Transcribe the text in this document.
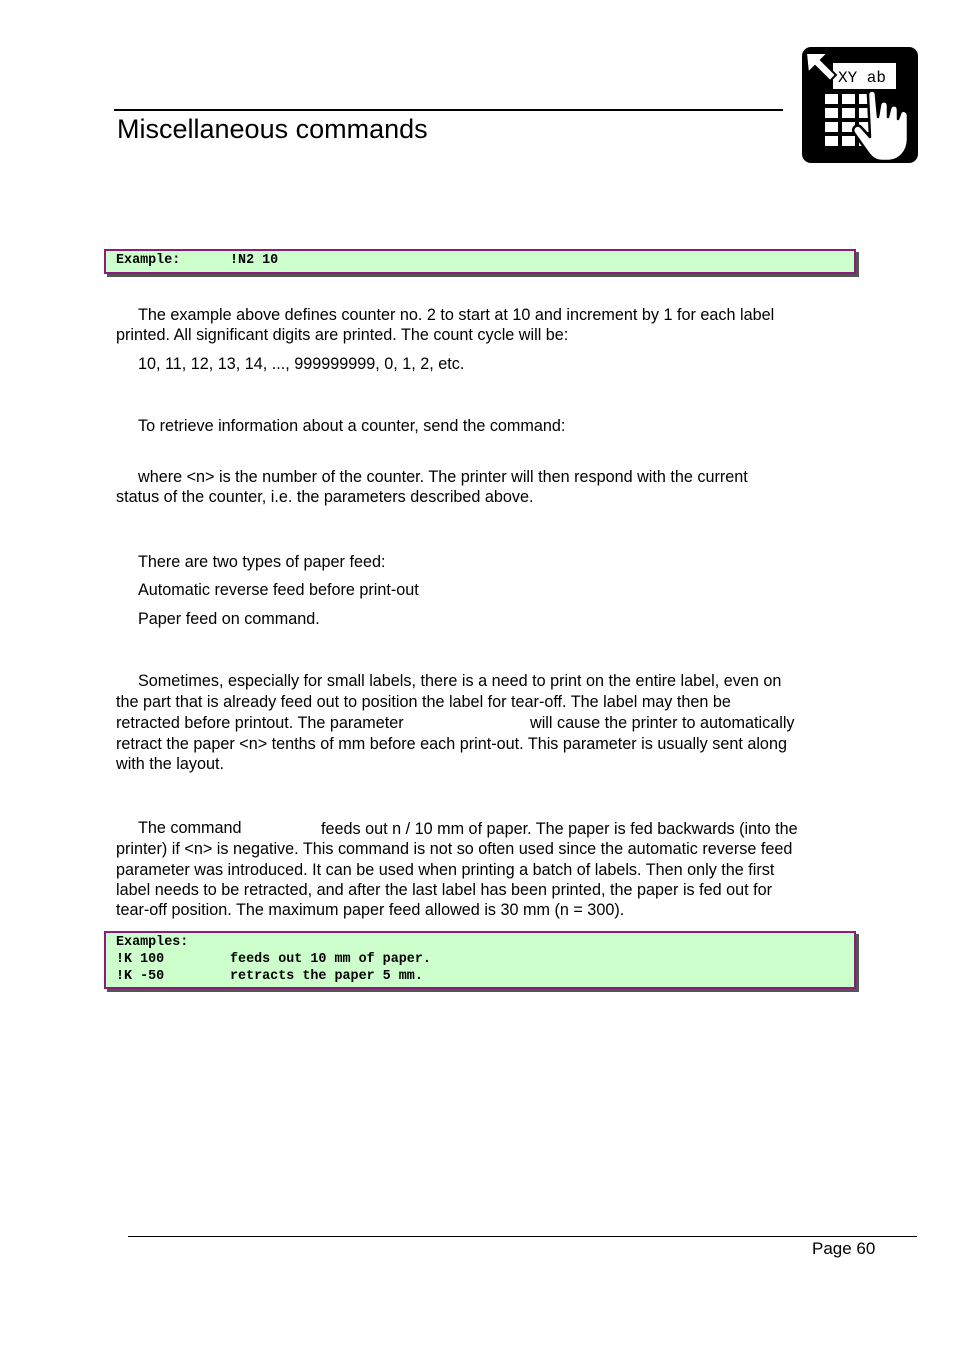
Miscellaneous commands
XY ab
Example:	!N2 10
The example above defines counter no. 2 to start at 10 and increment by 1 for each label
printed. All significant digits are printed. The count cycle will be:
10, 11, 12, 13, 14, ..., 999999999, 0, 1, 2, etc.
To retrieve information about a counter, send the command:
where <n> is the number of the counter. The printer will then respond with the current
status of the counter, i.e. the parameters described above.
There are two types of paper feed:
Automatic reverse feed before print-out
Paper feed on command.
Sometimes, especially for small labels, there is a need to print on the entire label, even on
the part that is already feed out to position the label for tear-off. The label may then be
retracted before printout. The parameter	will cause the printer to automatically
retract the paper <n> tenths of mm before each print-out. This parameter is usually sent along
with the layout.
The command	feeds out n / 10 mm of paper. The paper is fed backwards (into the
printer) if <n> is negative. This command is not so often used since the automatic reverse feed
parameter was introduced. It can be used when printing a batch of labels. Then only the first
label needs to be retracted, and after the last label has been printed, the paper is fed out for
tear-off position. The maximum paper feed allowed is 30 mm (n = 300).
Examples:
!K 100	feeds out 10 mm of paper.
!K -50	retracts the paper 5 mm.
Page 60
